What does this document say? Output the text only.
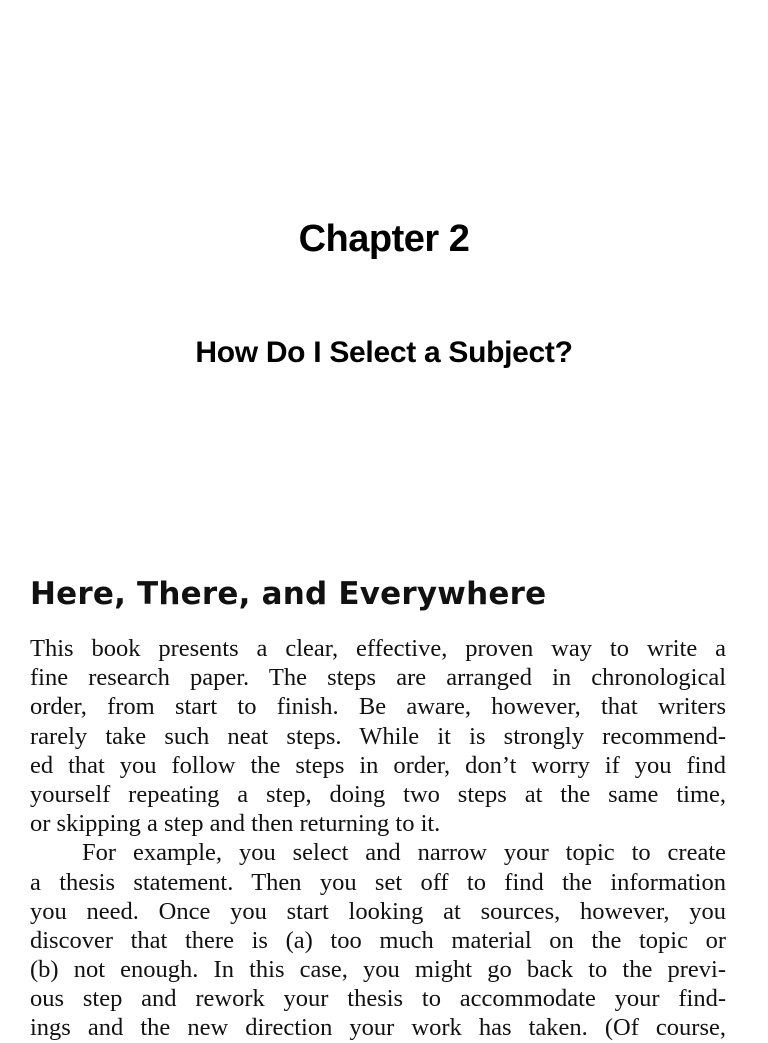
Chapter 2
How Do I Select a Subject?
Here, There, and Everywhere
This book presents a clear, effective, proven way to write a
fine research paper. The steps are arranged in chronological
order, from start to finish. Be aware, however, that writers
rarely take such neat steps. While it is strongly recommend-
ed that you follow the steps in order, don’t worry if you find
yourself repeating a step, doing two steps at the same time,
or skipping a step and then returning to it.
For example, you select and narrow your topic to create
a thesis statement. Then you set off to find the information
you need. Once you start looking at sources, however, you
discover that there is (a) too much material on the topic or
(b) not enough. In this case, you might go back to the previ-
ous step and rework your thesis to accommodate your find-
ings and the new direction your work has taken. (Of course,
